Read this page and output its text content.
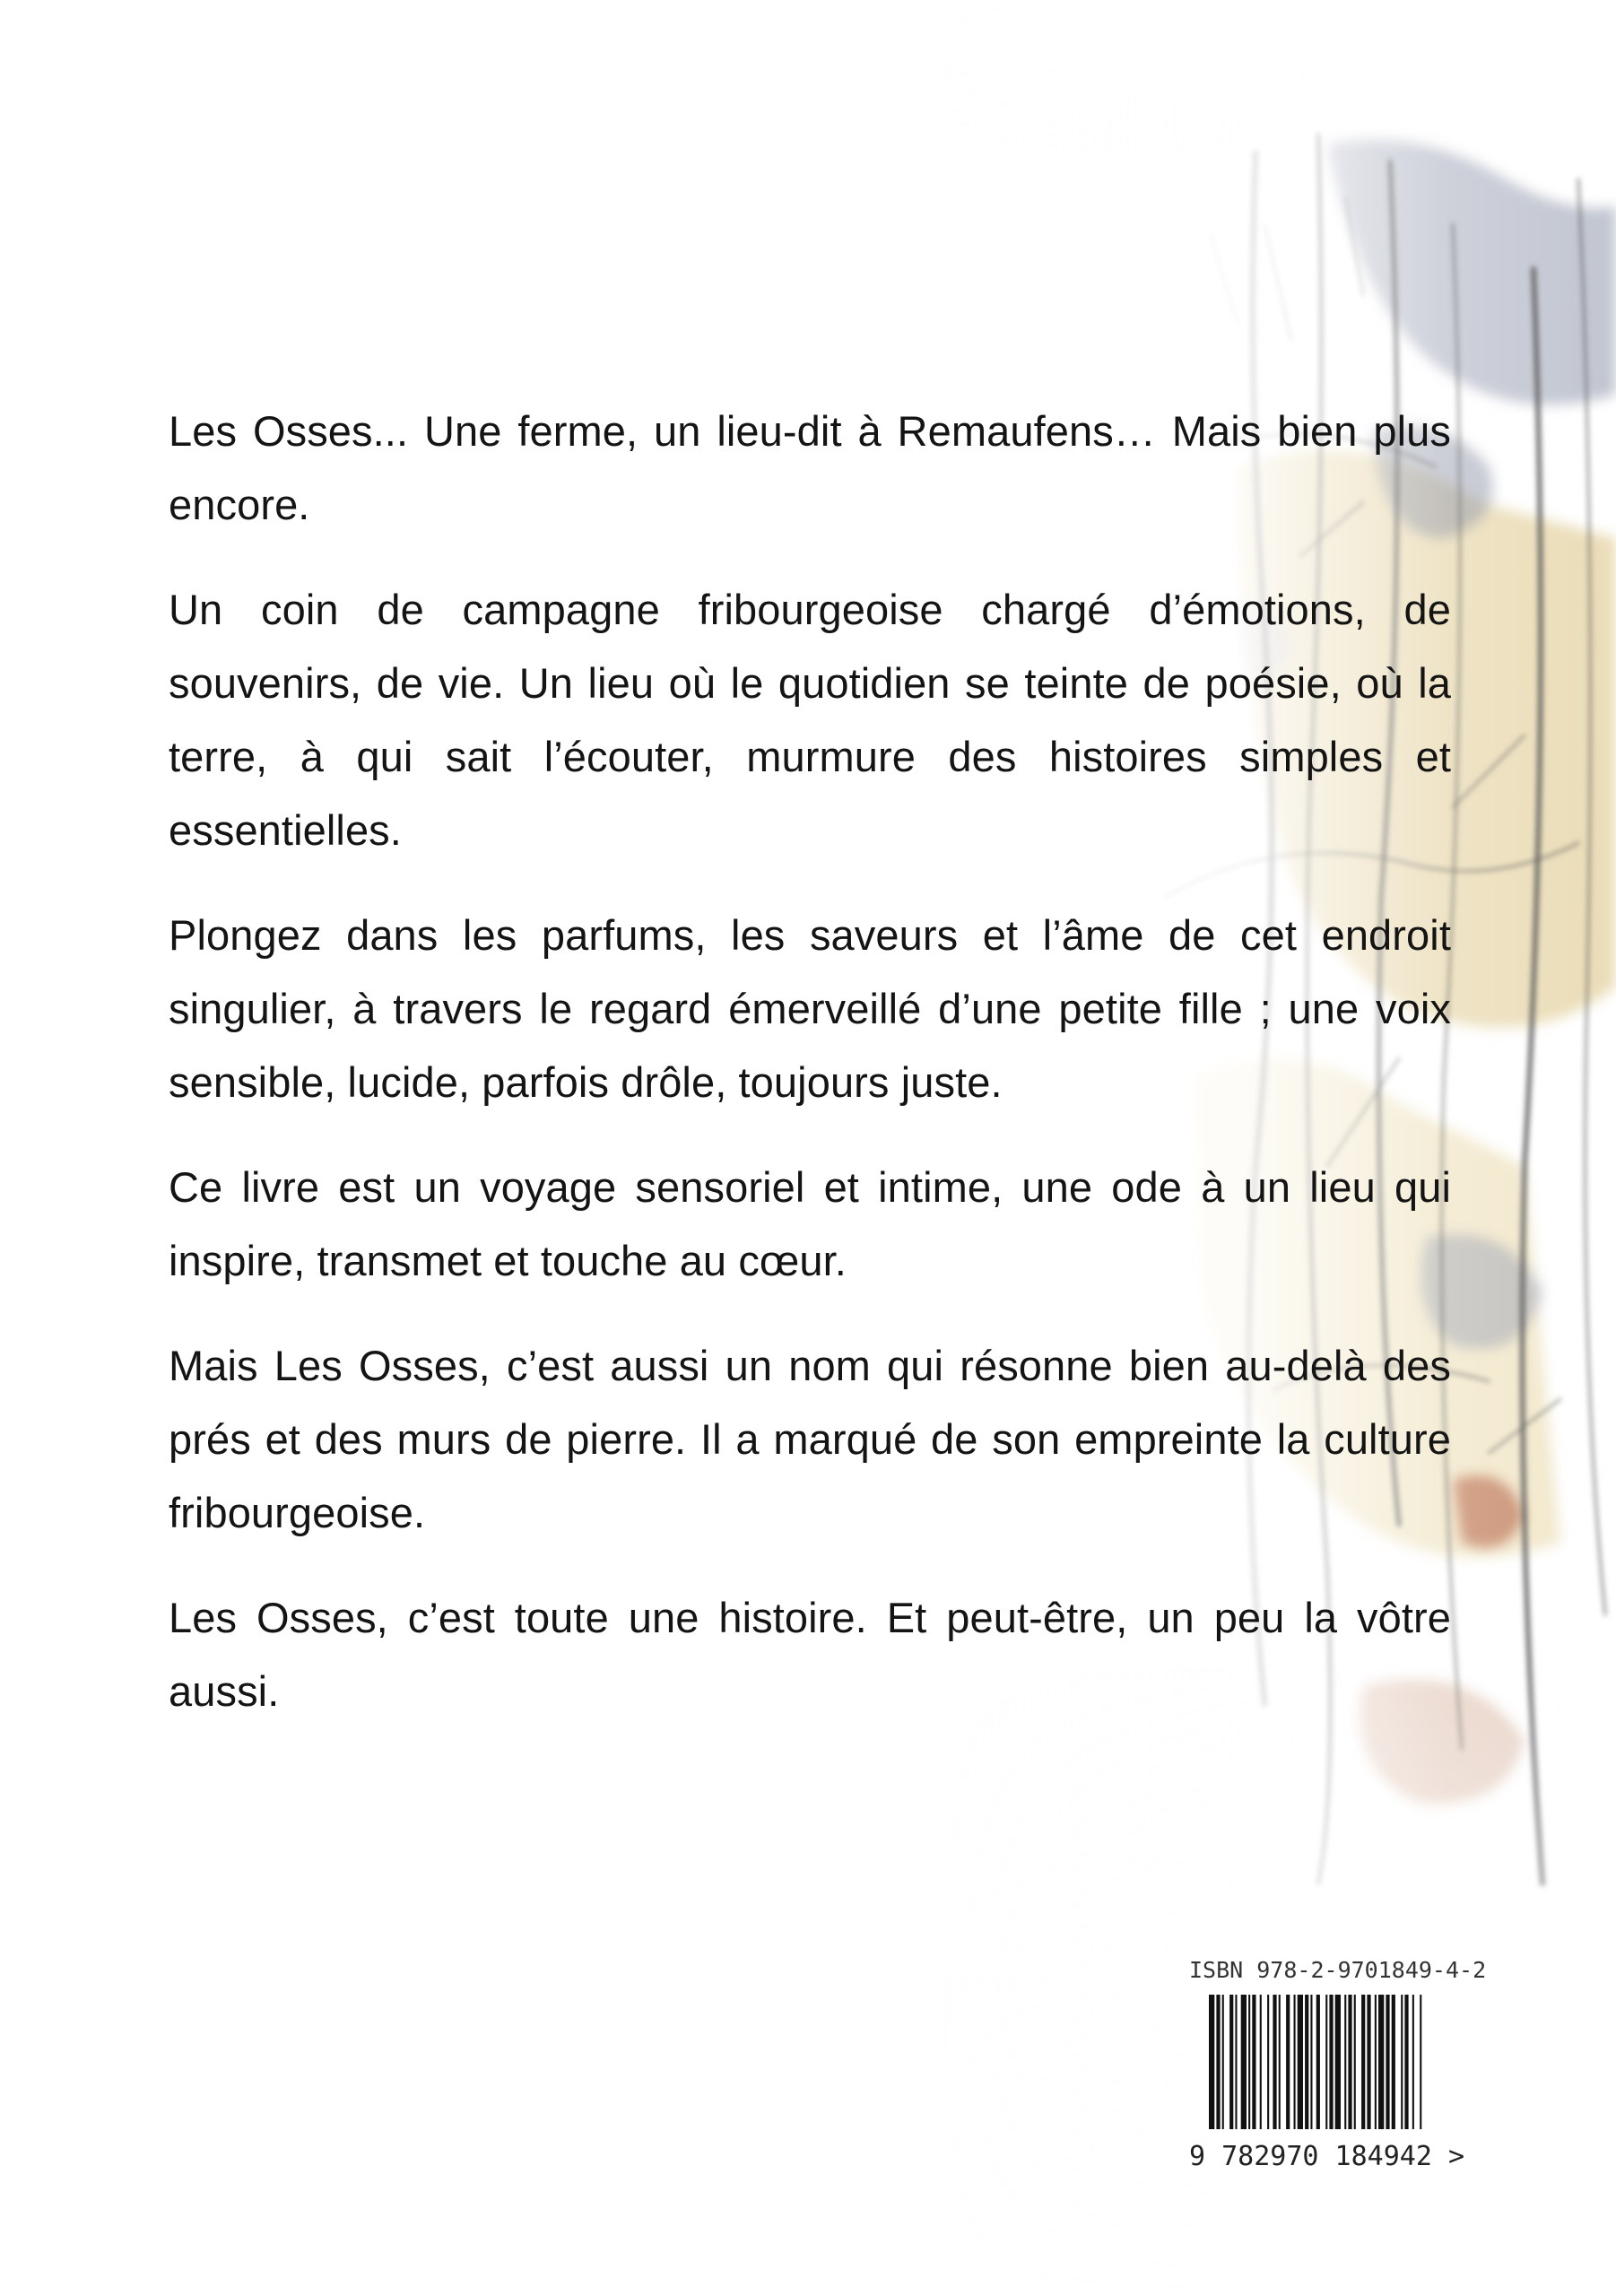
Les Osses... Une ferme, un lieu-dit à Remaufens… Mais bien plus encore.

Un coin de campagne fribourgeoise chargé d’émotions, de souvenirs, de vie. Un lieu où le quotidien se teinte de poésie, où la terre, à qui sait l’écouter, murmure des histoires simples et essentielles.

Plongez dans les parfums, les saveurs et l’âme de cet endroit singulier, à travers le regard émerveillé d’une petite fille ; une voix sensible, lucide, parfois drôle, toujours juste.

Ce livre est un voyage sensoriel et intime, une ode à un lieu qui inspire, transmet et touche au cœur.

Mais Les Osses, c’est aussi un nom qui résonne bien au-delà des prés et des murs de pierre. Il a marqué de son empreinte la culture fribourgeoise.

Les Osses, c’est toute une histoire. Et peut-être, un peu la vôtre aussi.

ISBN 978-2-9701849-4-2
9 782970 184942 >
